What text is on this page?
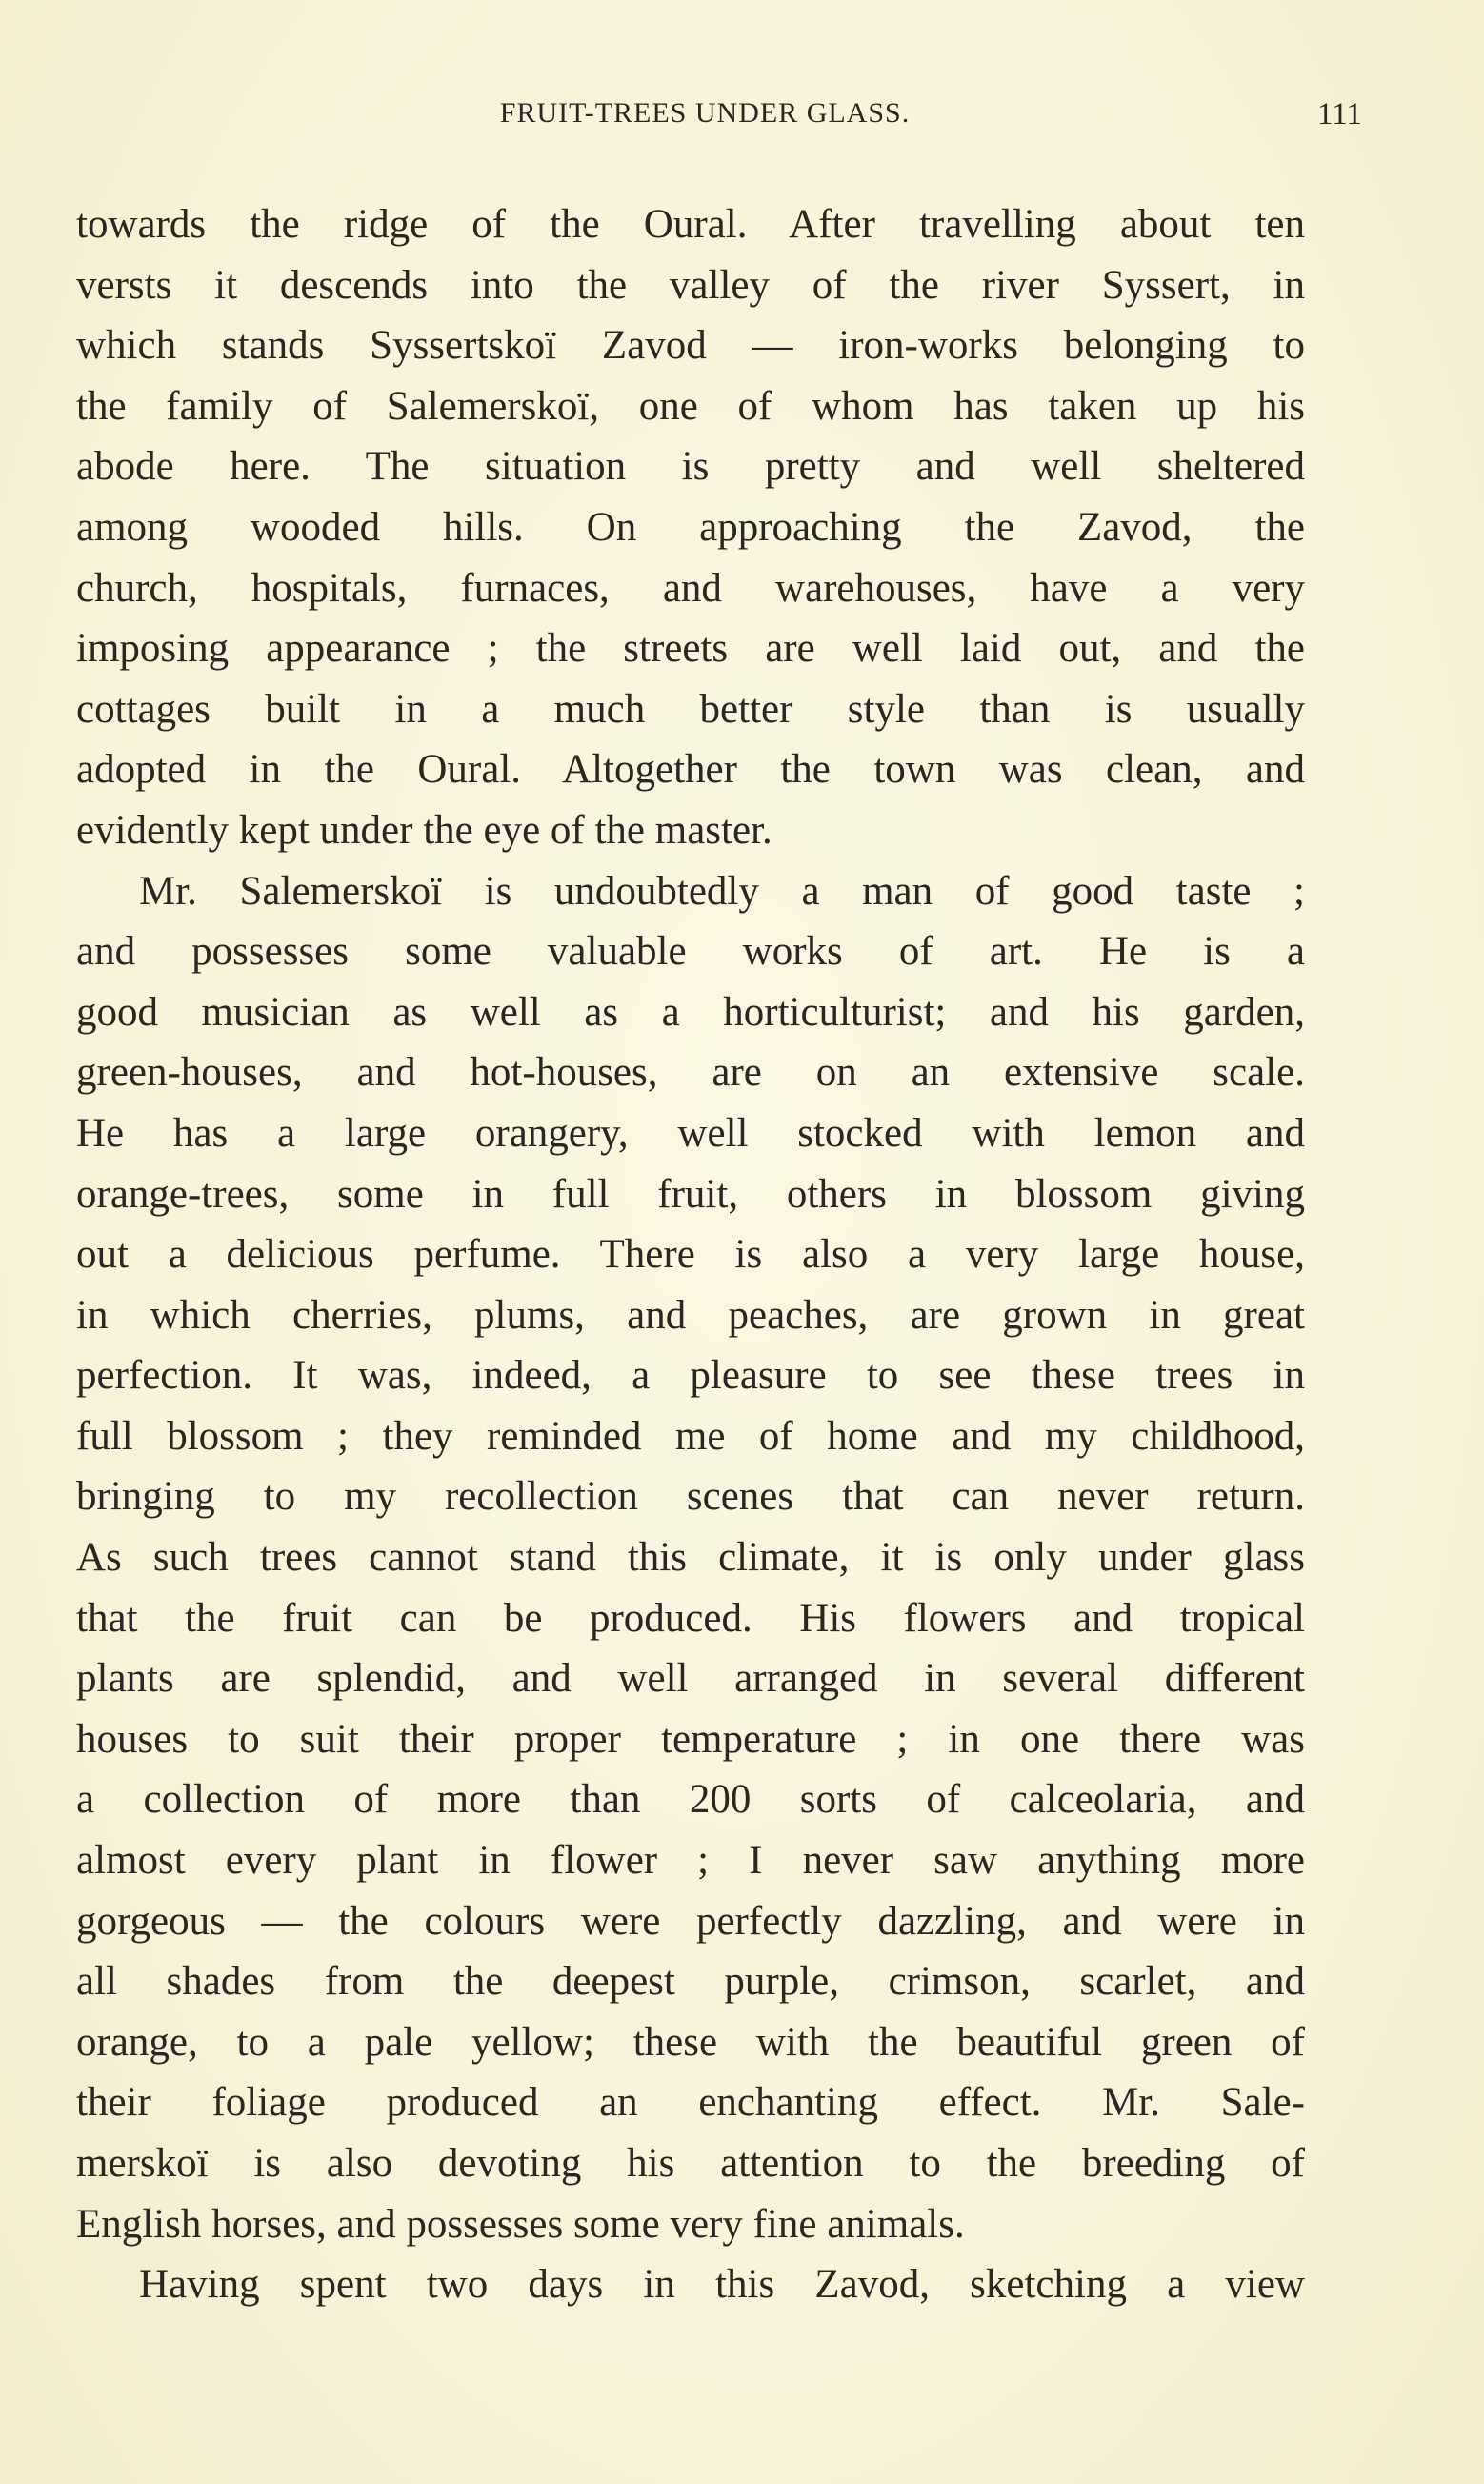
FRUIT-TREES UNDER GLASS.	111
towards the ridge of the Oural. After travelling about ten
versts it descends into the valley of the river Syssert, in
which stands Syssertskoï Zavod — iron-works belonging to
the family of Salemerskoï, one of whom has taken up his
abode here. The situation is pretty and well sheltered
among wooded hills. On approaching the Zavod, the
church, hospitals, furnaces, and warehouses, have a very
imposing appearance ; the streets are well laid out, and the
cottages built in a much better style than is usually
adopted in the Oural. Altogether the town was clean, and
evidently kept under the eye of the master.
Mr. Salemerskoï is undoubtedly a man of good taste ;
and possesses some valuable works of art. He is a
good musician as well as a horticulturist; and his garden,
green-houses, and hot-houses, are on an extensive scale.
He has a large orangery, well stocked with lemon and
orange-trees, some in full fruit, others in blossom giving
out a delicious perfume. There is also a very large house,
in which cherries, plums, and peaches, are grown in great
perfection. It was, indeed, a pleasure to see these trees in
full blossom ; they reminded me of home and my childhood,
bringing to my recollection scenes that can never return.
As such trees cannot stand this climate, it is only under glass
that the fruit can be produced. His flowers and tropical
plants are splendid, and well arranged in several different
houses to suit their proper temperature ; in one there was
a collection of more than 200 sorts of calceolaria, and
almost every plant in flower ; I never saw anything more
gorgeous — the colours were perfectly dazzling, and were in
all shades from the deepest purple, crimson, scarlet, and
orange, to a pale yellow; these with the beautiful green of
their foliage produced an enchanting effect. Mr. Sale-
merskoï is also devoting his attention to the breeding of
English horses, and possesses some very fine animals.
Having spent two days in this Zavod, sketching a view
